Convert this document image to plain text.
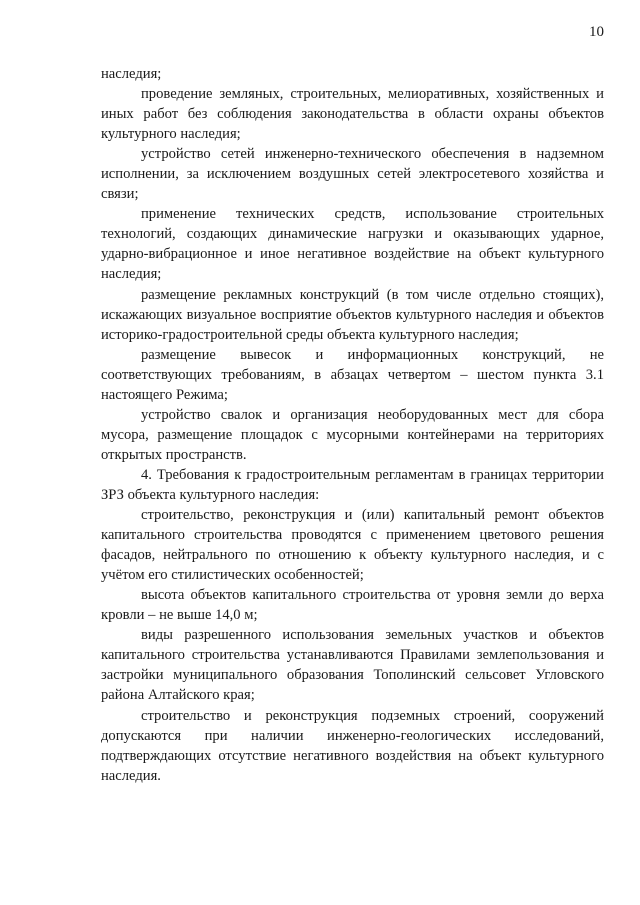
10

наследия;

проведение земляных, строительных, мелиоративных, хозяйственных и иных работ без соблюдения законодательства в области охраны объектов культурного наследия;

устройство сетей инженерно-технического обеспечения в надземном исполнении, за исключением воздушных сетей электросетевого хозяйства и связи;

применение технических средств, использование строительных технологий, создающих динамические нагрузки и оказывающих ударное, ударно-вибрационное и иное негативное воздействие на объект культурного наследия;

размещение рекламных конструкций (в том числе отдельно стоящих), искажающих визуальное восприятие объектов культурного наследия и объектов историко-градостроительной среды объекта культурного наследия;

размещение вывесок и информационных конструкций, не соответствующих требованиям, в абзацах четвертом – шестом пункта 3.1 настоящего Режима;

устройство свалок и организация необорудованных мест для сбора мусора, размещение площадок с мусорными контейнерами на территориях открытых пространств.

4. Требования к градостроительным регламентам в границах территории ЗРЗ объекта культурного наследия:

строительство, реконструкция и (или) капитальный ремонт объектов капитального строительства проводятся с применением цветового решения фасадов, нейтрального по отношению к объекту культурного наследия, и с учётом его стилистических особенностей;

высота объектов капитального строительства от уровня земли до верха кровли – не выше 14,0 м;

виды разрешенного использования земельных участков и объектов капитального строительства устанавливаются Правилами землепользования и застройки муниципального образования Тополинский сельсовет Угловского района Алтайского края;

строительство и реконструкция подземных строений, сооружений допускаются при наличии инженерно-геологических исследований, подтверждающих отсутствие негативного воздействия на объект культурного наследия.
